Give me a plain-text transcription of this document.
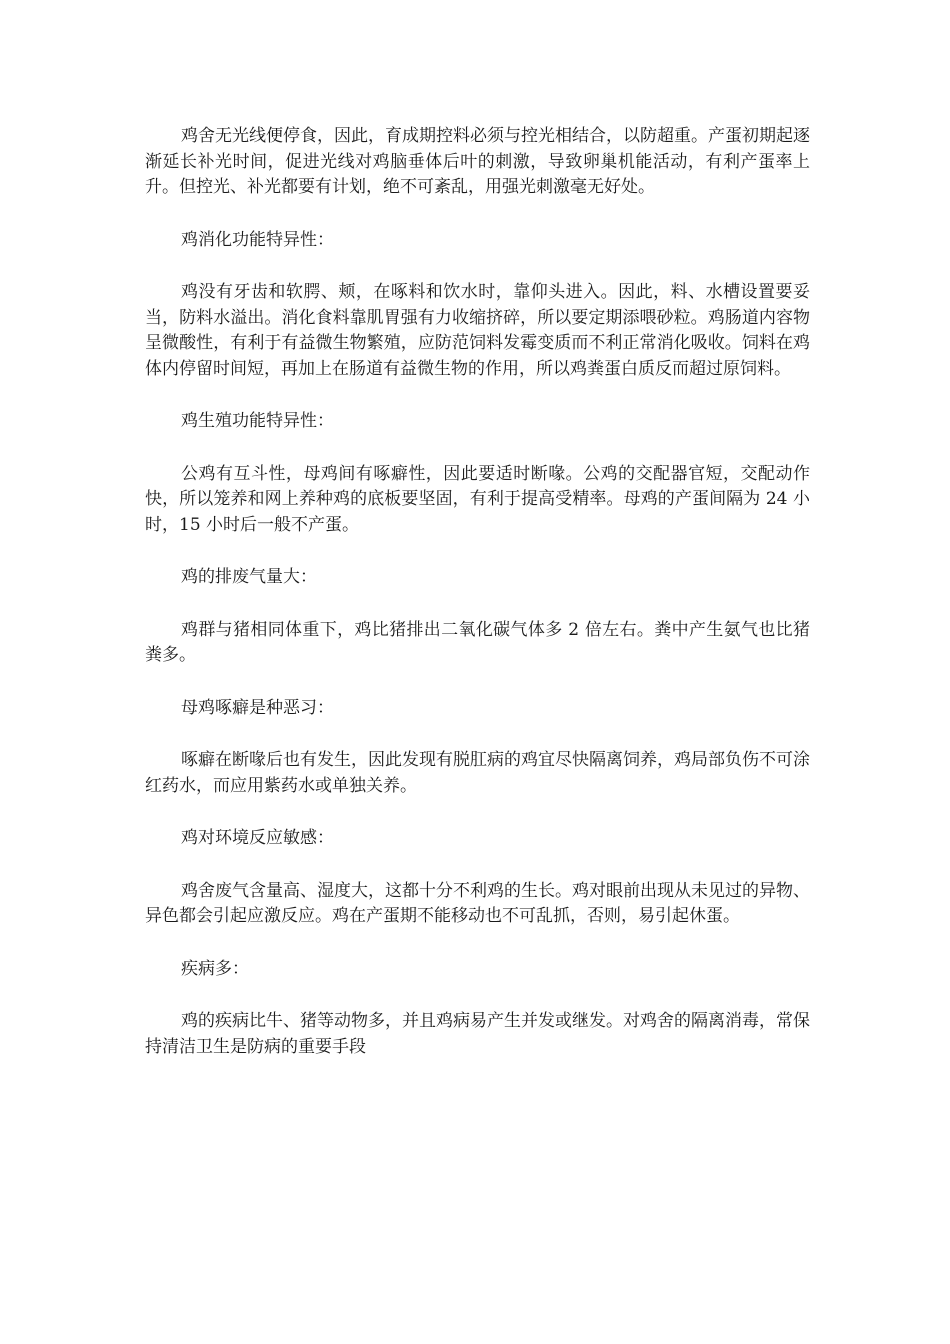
鸡舍无光线便停食，因此，育成期控料必须与控光相结合，以防超重。产蛋初期起逐渐延长补光时间，促进光线对鸡脑垂体后叶的刺激，导致卵巢机能活动，有利产蛋率上升。但控光、补光都要有计划，绝不可紊乱，用强光刺激毫无好处。

鸡消化功能特异性：

鸡没有牙齿和软腭、颊，在啄料和饮水时，靠仰头进入。因此，料、水槽设置要妥当，防料水溢出。消化食料靠肌胃强有力收缩挤碎，所以要定期添喂砂粒。鸡肠道内容物呈微酸性，有利于有益微生物繁殖，应防范饲料发霉变质而不利正常消化吸收。饲料在鸡体内停留时间短，再加上在肠道有益微生物的作用，所以鸡粪蛋白质反而超过原饲料。

鸡生殖功能特异性：

公鸡有互斗性，母鸡间有啄癖性，因此要适时断喙。公鸡的交配器官短，交配动作快，所以笼养和网上养种鸡的底板要坚固，有利于提高受精率。母鸡的产蛋间隔为 24 小时，15 小时后一般不产蛋。

鸡的排废气量大：

鸡群与猪相同体重下，鸡比猪排出二氧化碳气体多 2 倍左右。粪中产生氨气也比猪粪多。

母鸡啄癖是种恶习：

啄癖在断喙后也有发生，因此发现有脱肛病的鸡宜尽快隔离饲养，鸡局部负伤不可涂红药水，而应用紫药水或单独关养。

鸡对环境反应敏感：

鸡舍废气含量高、湿度大，这都十分不利鸡的生长。鸡对眼前出现从未见过的异物、异色都会引起应激反应。鸡在产蛋期不能移动也不可乱抓，否则，易引起休蛋。

疾病多：

鸡的疾病比牛、猪等动物多，并且鸡病易产生并发或继发。对鸡舍的隔离消毒，常保持清洁卫生是防病的重要手段
